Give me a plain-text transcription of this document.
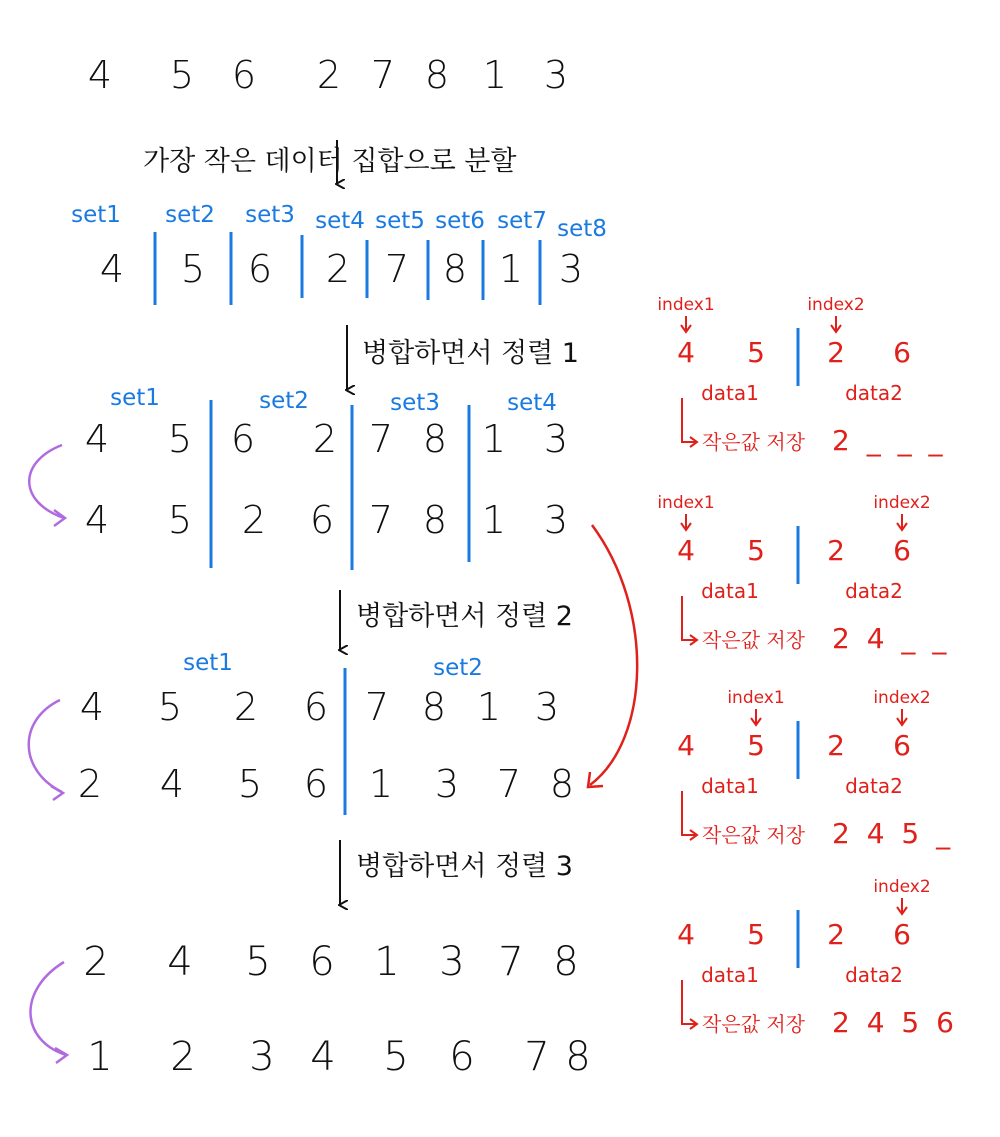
4 5 6 2 7 8 1 3
가장 작은 데이터 집합으로 분할
set1 set2 set3 set4 set5 set6 set7 set8
4 5 6 2 7 8 1 3
병합하면서 정렬 1
set1	set2	set3	set4
4 5 6 2 7 8 1 3
4 5 2 6 7 8 1 3
병합하면서 정렬 2
set1	set2
4 5 2 6 7 8 1 3
2 4 5 6 1 3 7 8
병합하면서 정렬 3
2 4 5 6 1 3 7 8
1 2 3 4 5 6 7 8
index1	index2
4 5 2 6
data1	data2
작은값 저장 2 _ _ _
index1	index2
4 5 2 6
data1	data2
작은값 저장 2 4 _ _
index1	index2
4 5 2 6
data1	data2
작은값 저장 2 4 5 _
index2
4 5 2 6
data1	data2
작은값 저장 2 4 5 6
